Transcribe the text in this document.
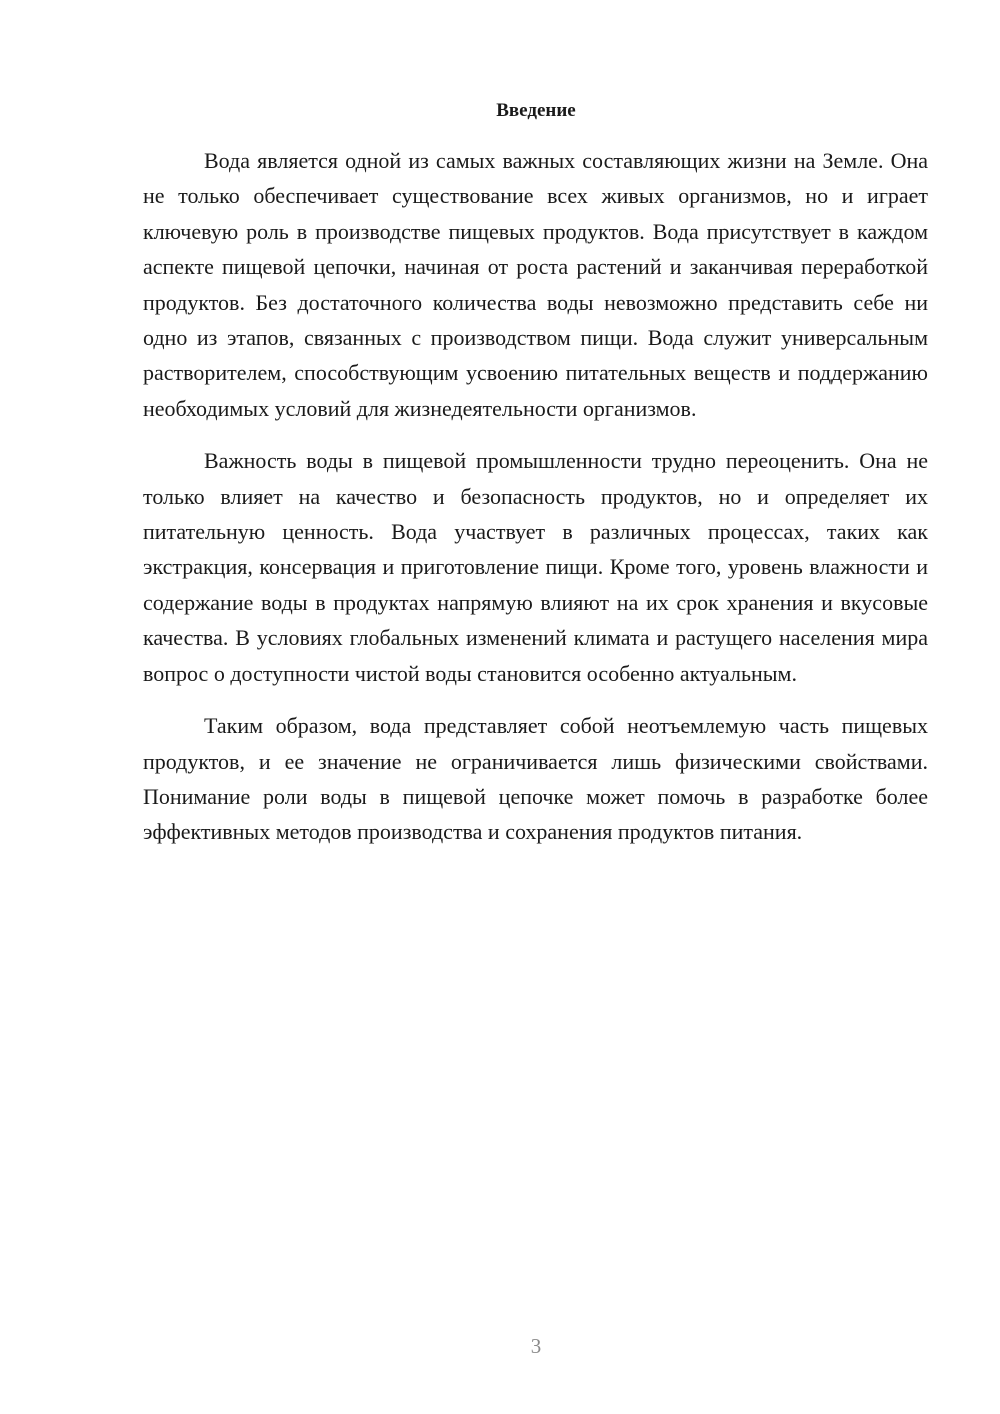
Введение

Вода является одной из самых важных составляющих жизни на Земле. Она не только обеспечивает существование всех живых организмов, но и играет ключевую роль в производстве пищевых продуктов. Вода присутствует в каждом аспекте пищевой цепочки, начиная от роста растений и заканчивая переработкой продуктов. Без достаточного количества воды невозможно представить себе ни одно из этапов, связанных с производством пищи. Вода служит универсальным растворителем, способствующим усвоению питательных веществ и поддержанию необходимых условий для жизнедеятельности организмов.

Важность воды в пищевой промышленности трудно переоценить. Она не только влияет на качество и безопасность продуктов, но и определяет их питательную ценность. Вода участвует в различных процессах, таких как экстракция, консервация и приготовление пищи. Кроме того, уровень влажности и содержание воды в продуктах напрямую влияют на их срок хранения и вкусовые качества. В условиях глобальных изменений климата и растущего населения мира вопрос о доступности чистой воды становится особенно актуальным.

Таким образом, вода представляет собой неотъемлемую часть пищевых продуктов, и ее значение не ограничивается лишь физическими свойствами. Понимание роли воды в пищевой цепочке может помочь в разработке более эффективных методов производства и сохранения продуктов питания.

3
